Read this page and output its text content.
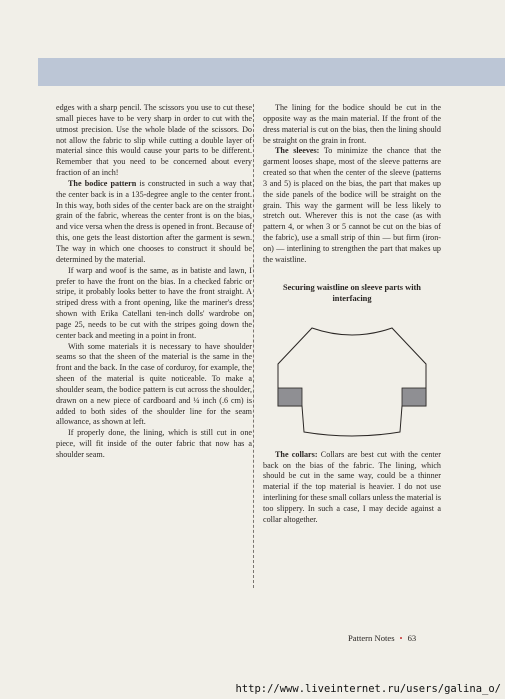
edges with a sharp pencil. The scissors you use to cut these small pieces have to be very sharp in order to cut with the utmost precision. Use the whole blade of the scissors. Do not allow the fabric to slip while cutting a double layer of material since this would cause your parts to be different. Remember that you need to be concerned about every fraction of an inch!

The bodice pattern is constructed in such a way that the center back is in a 135-degree angle to the center front. In this way, both sides of the center back are on the straight grain of the fabric, whereas the center front is on the bias, and vice versa when the dress is opened in front. Because of this, one gets the least distortion after the garment is sewn. The way in which one chooses to construct it should be determined by the material.

If warp and woof is the same, as in batiste and lawn, I prefer to have the front on the bias. In a checked fabric or stripe, it probably looks better to have the front straight. A striped dress with a front opening, like the mariner's dress shown with Erika Catellani ten-inch dolls' wardrobe on page 25, needs to be cut with the stripes going down the center back and meeting in a point in front.

With some materials it is necessary to have shoulder seams so that the sheen of the material is the same in the front and the back. In the case of corduroy, for example, the sheen of the material is quite noticeable. To make a shoulder seam, the bodice pattern is cut across the shoulder, drawn on a new piece of cardboard and ¼ inch (.6 cm) is added to both sides of the shoulder line for the seam allowance, as shown at left.

If properly done, the lining, which is still cut in one piece, will fit inside of the outer fabric that now has a shoulder seam.

The lining for the bodice should be cut in the opposite way as the main material. If the front of the dress material is cut on the bias, then the lining should be straight on the grain in front.

The sleeves: To minimize the chance that the garment looses shape, most of the sleeve patterns are created so that when the center of the sleeve (patterns 3 and 5) is placed on the bias, the part that makes up the side panels of the bodice will be straight on the grain. This way the garment will be less likely to stretch out. Wherever this is not the case (as with pattern 4, or when 3 or 5 cannot be cut on the bias of the fabric), use a small strip of thin — but firm (iron-on) — interlining to strengthen the part that makes up the waistline.

Securing waistline on sleeve parts with interfacing

The collars: Collars are best cut with the center back on the bias of the fabric. The lining, which should be cut in the same way, could be a thinner material if the top material is heavier. I do not use interlining for these small collars unless the material is too slippery. In such a case, I may decide against a collar altogether.

Pattern Notes • 63
http://www.liveinternet.ru/users/galina_o/
